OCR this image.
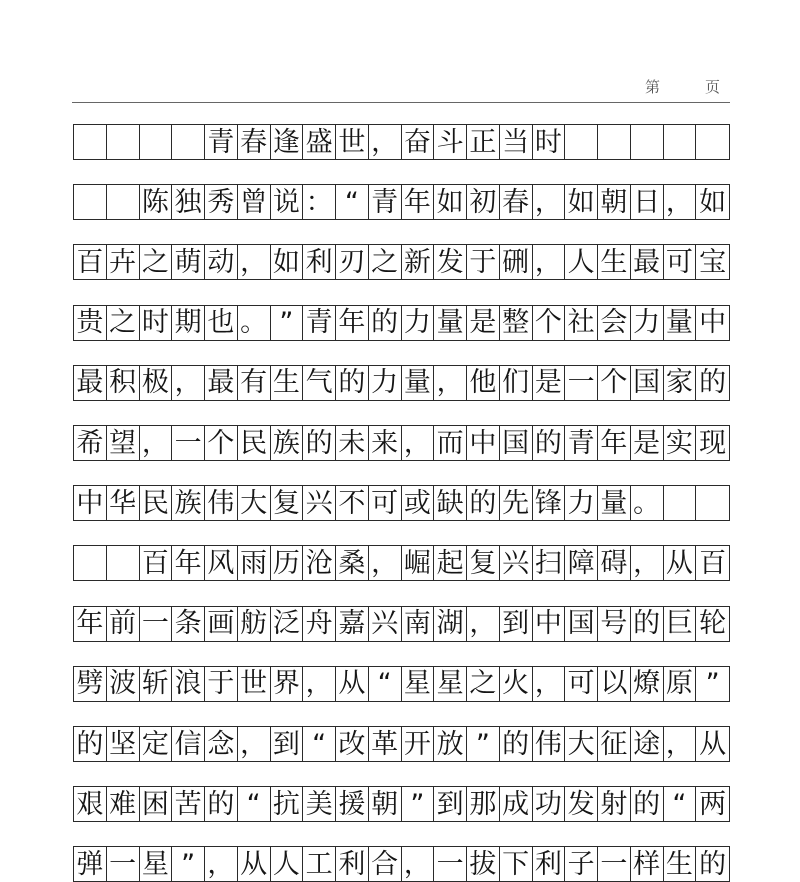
第	页
青 春 逢 盛 世 ， 奋 斗 正 当 时
陈 独 秀 曾 说 ： “ 青 年 如 初 春 ， 如 朝 日 ， 如
百 卉 之 萌 动 ， 如 利 刃 之 新 发 于 硎 ， 人 生 最 可 宝
贵 之 时 期 也 。 ” 青 年 的 力 量 是 整 个 社 会 力 量 中
最 积 极 ， 最 有 生 气 的 力 量 ， 他 们 是 一 个 国 家 的
希 望 ， 一 个 民 族 的 未 来 ， 而 中 国 的 青 年 是 实 现
中 华 民 族 伟 大 复 兴 不 可 或 缺 的 先 锋 力 量 。
百 年 风 雨 历 沧 桑 ， 崛 起 复 兴 扫 障 碍 ， 从 百
年 前 一 条 画 舫 泛 舟 嘉 兴 南 湖 ， 到 中 国 号 的 巨 轮
劈 波 斩 浪 于 世 界 ， 从 “ 星 星 之 火 ， 可 以 燎 原 ”
的 坚 定 信 念 ， 到 “ 改 革 开 放 ” 的 伟 大 征 途 ， 从
艰 难 困 苦 的 “ 抗 美 援 朝 ” 到 那 成 功 发 射 的 “ 两
弹 一 星 ” ， 从 人 工 利 合 ， 一 拔 下 利 子 一 样 生 的
